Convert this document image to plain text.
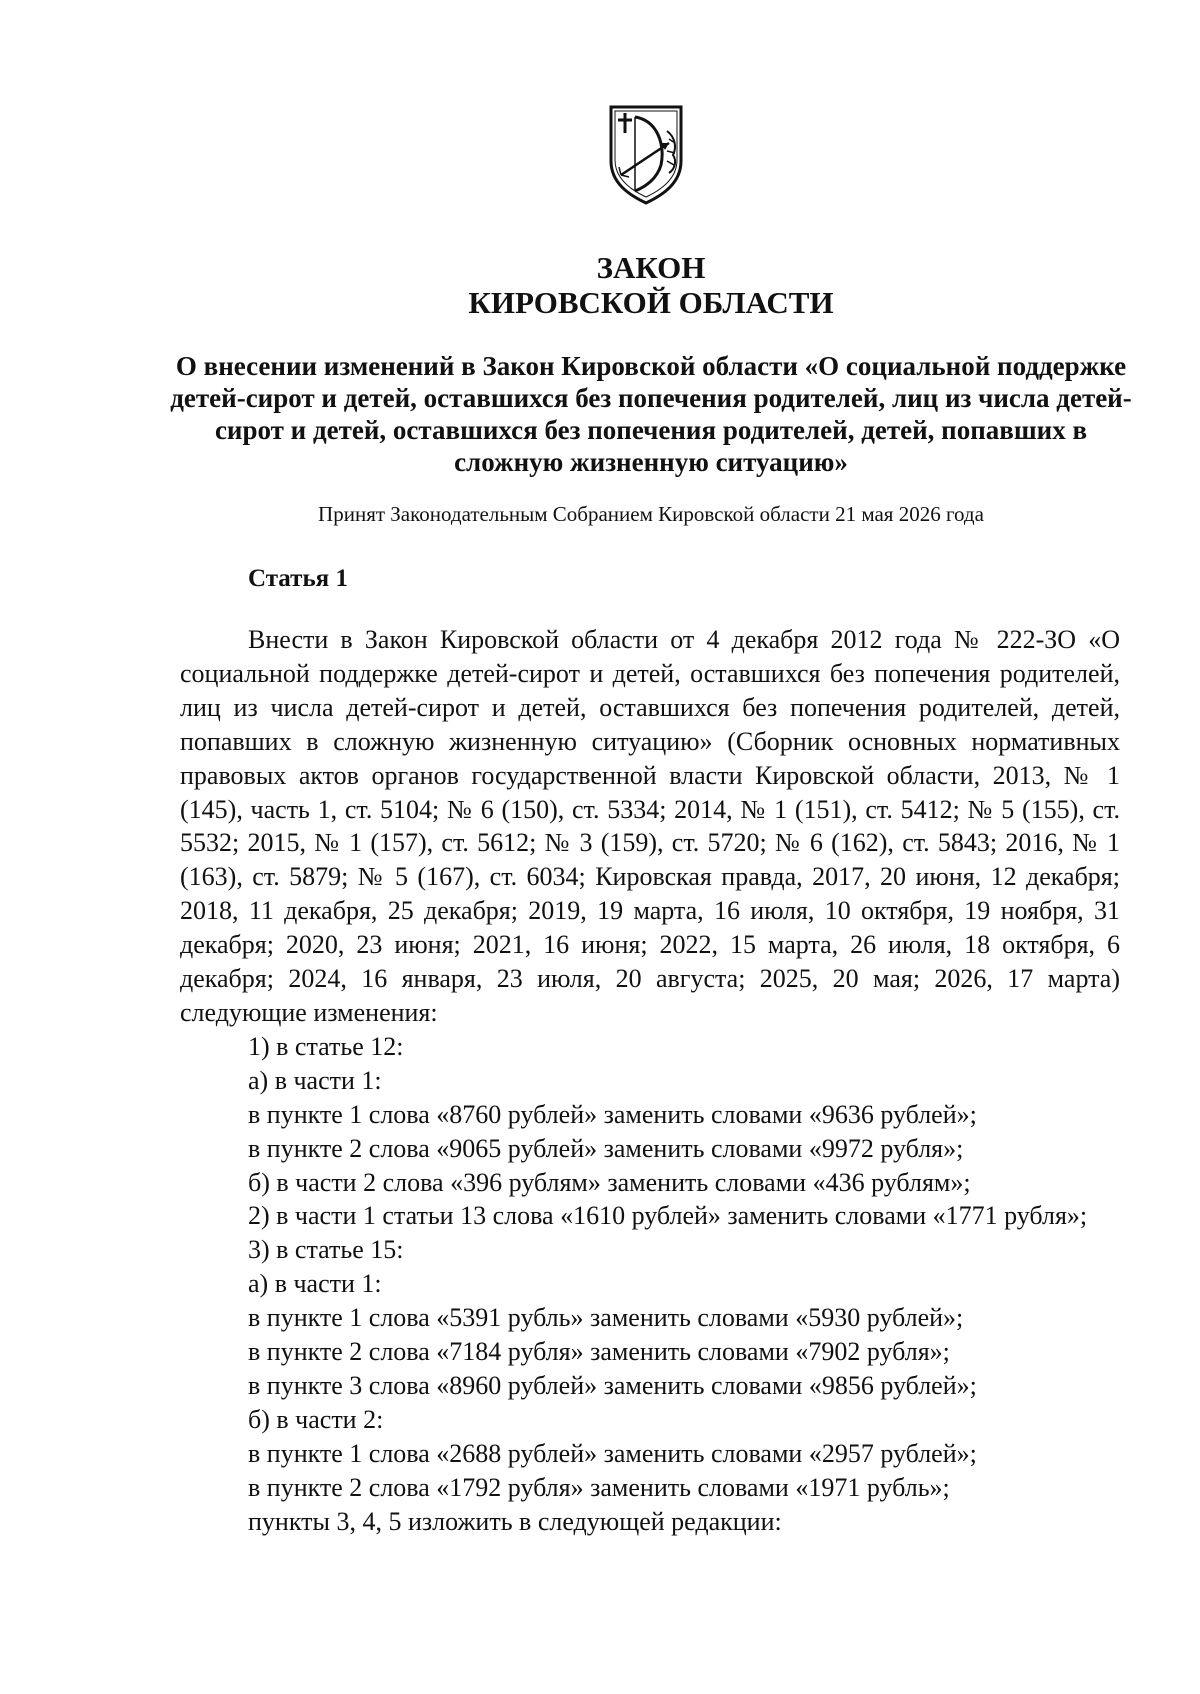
ЗАКОН
КИРОВСКОЙ ОБЛАСТИ
О внесении изменений в Закон Кировской области «О социальной поддержке детей-сирот и детей, оставшихся без попечения родителей, лиц из числа детей-сирот и детей, оставшихся без попечения родителей, детей, попавших в сложную жизненную ситуацию»
Принят Законодательным Собранием Кировской области 21 мая 2026 года
Статья 1

Внести в Закон Кировской области от 4 декабря 2012 года № 222-ЗО «О социальной поддержке детей-сирот и детей, оставшихся без попечения родителей, лиц из числа детей-сирот и детей, оставшихся без попечения родителей, детей, попавших в сложную жизненную ситуацию» (Сборник основных нормативных правовых актов органов государственной власти Кировской области, 2013, № 1 (145), часть 1, ст. 5104; № 6 (150), ст. 5334; 2014, № 1 (151), ст. 5412; № 5 (155), ст. 5532; 2015, № 1 (157), ст. 5612; № 3 (159), ст. 5720; № 6 (162), ст. 5843; 2016, № 1 (163), ст. 5879; № 5 (167), ст. 6034; Кировская правда, 2017, 20 июня, 12 декабря; 2018, 11 декабря, 25 декабря; 2019, 19 марта, 16 июля, 10 октября, 19 ноября, 31 декабря; 2020, 23 июня; 2021, 16 июня; 2022, 15 марта, 26 июля, 18 октября, 6 декабря; 2024, 16 января, 23 июля, 20 августа; 2025, 20 мая; 2026, 17 марта) следующие изменения:

1) в статье 12:

а) в части 1:

в пункте 1 слова «8760 рублей» заменить словами «9636 рублей»;

в пункте 2 слова «9065 рублей» заменить словами «9972 рубля»;

б) в части 2 слова «396 рублям» заменить словами «436 рублям»;

2) в части 1 статьи 13 слова «1610 рублей» заменить словами «1771 рубля»;

3) в статье 15:

а) в части 1:

в пункте 1 слова «5391 рубль» заменить словами «5930 рублей»;

в пункте 2 слова «7184 рубля» заменить словами «7902 рубля»;

в пункте 3 слова «8960 рублей» заменить словами «9856 рублей»;

б) в части 2:

в пункте 1 слова «2688 рублей» заменить словами «2957 рублей»;

в пункте 2 слова «1792 рубля» заменить словами «1971 рубль»;

пункты 3, 4, 5 изложить в следующей редакции:
